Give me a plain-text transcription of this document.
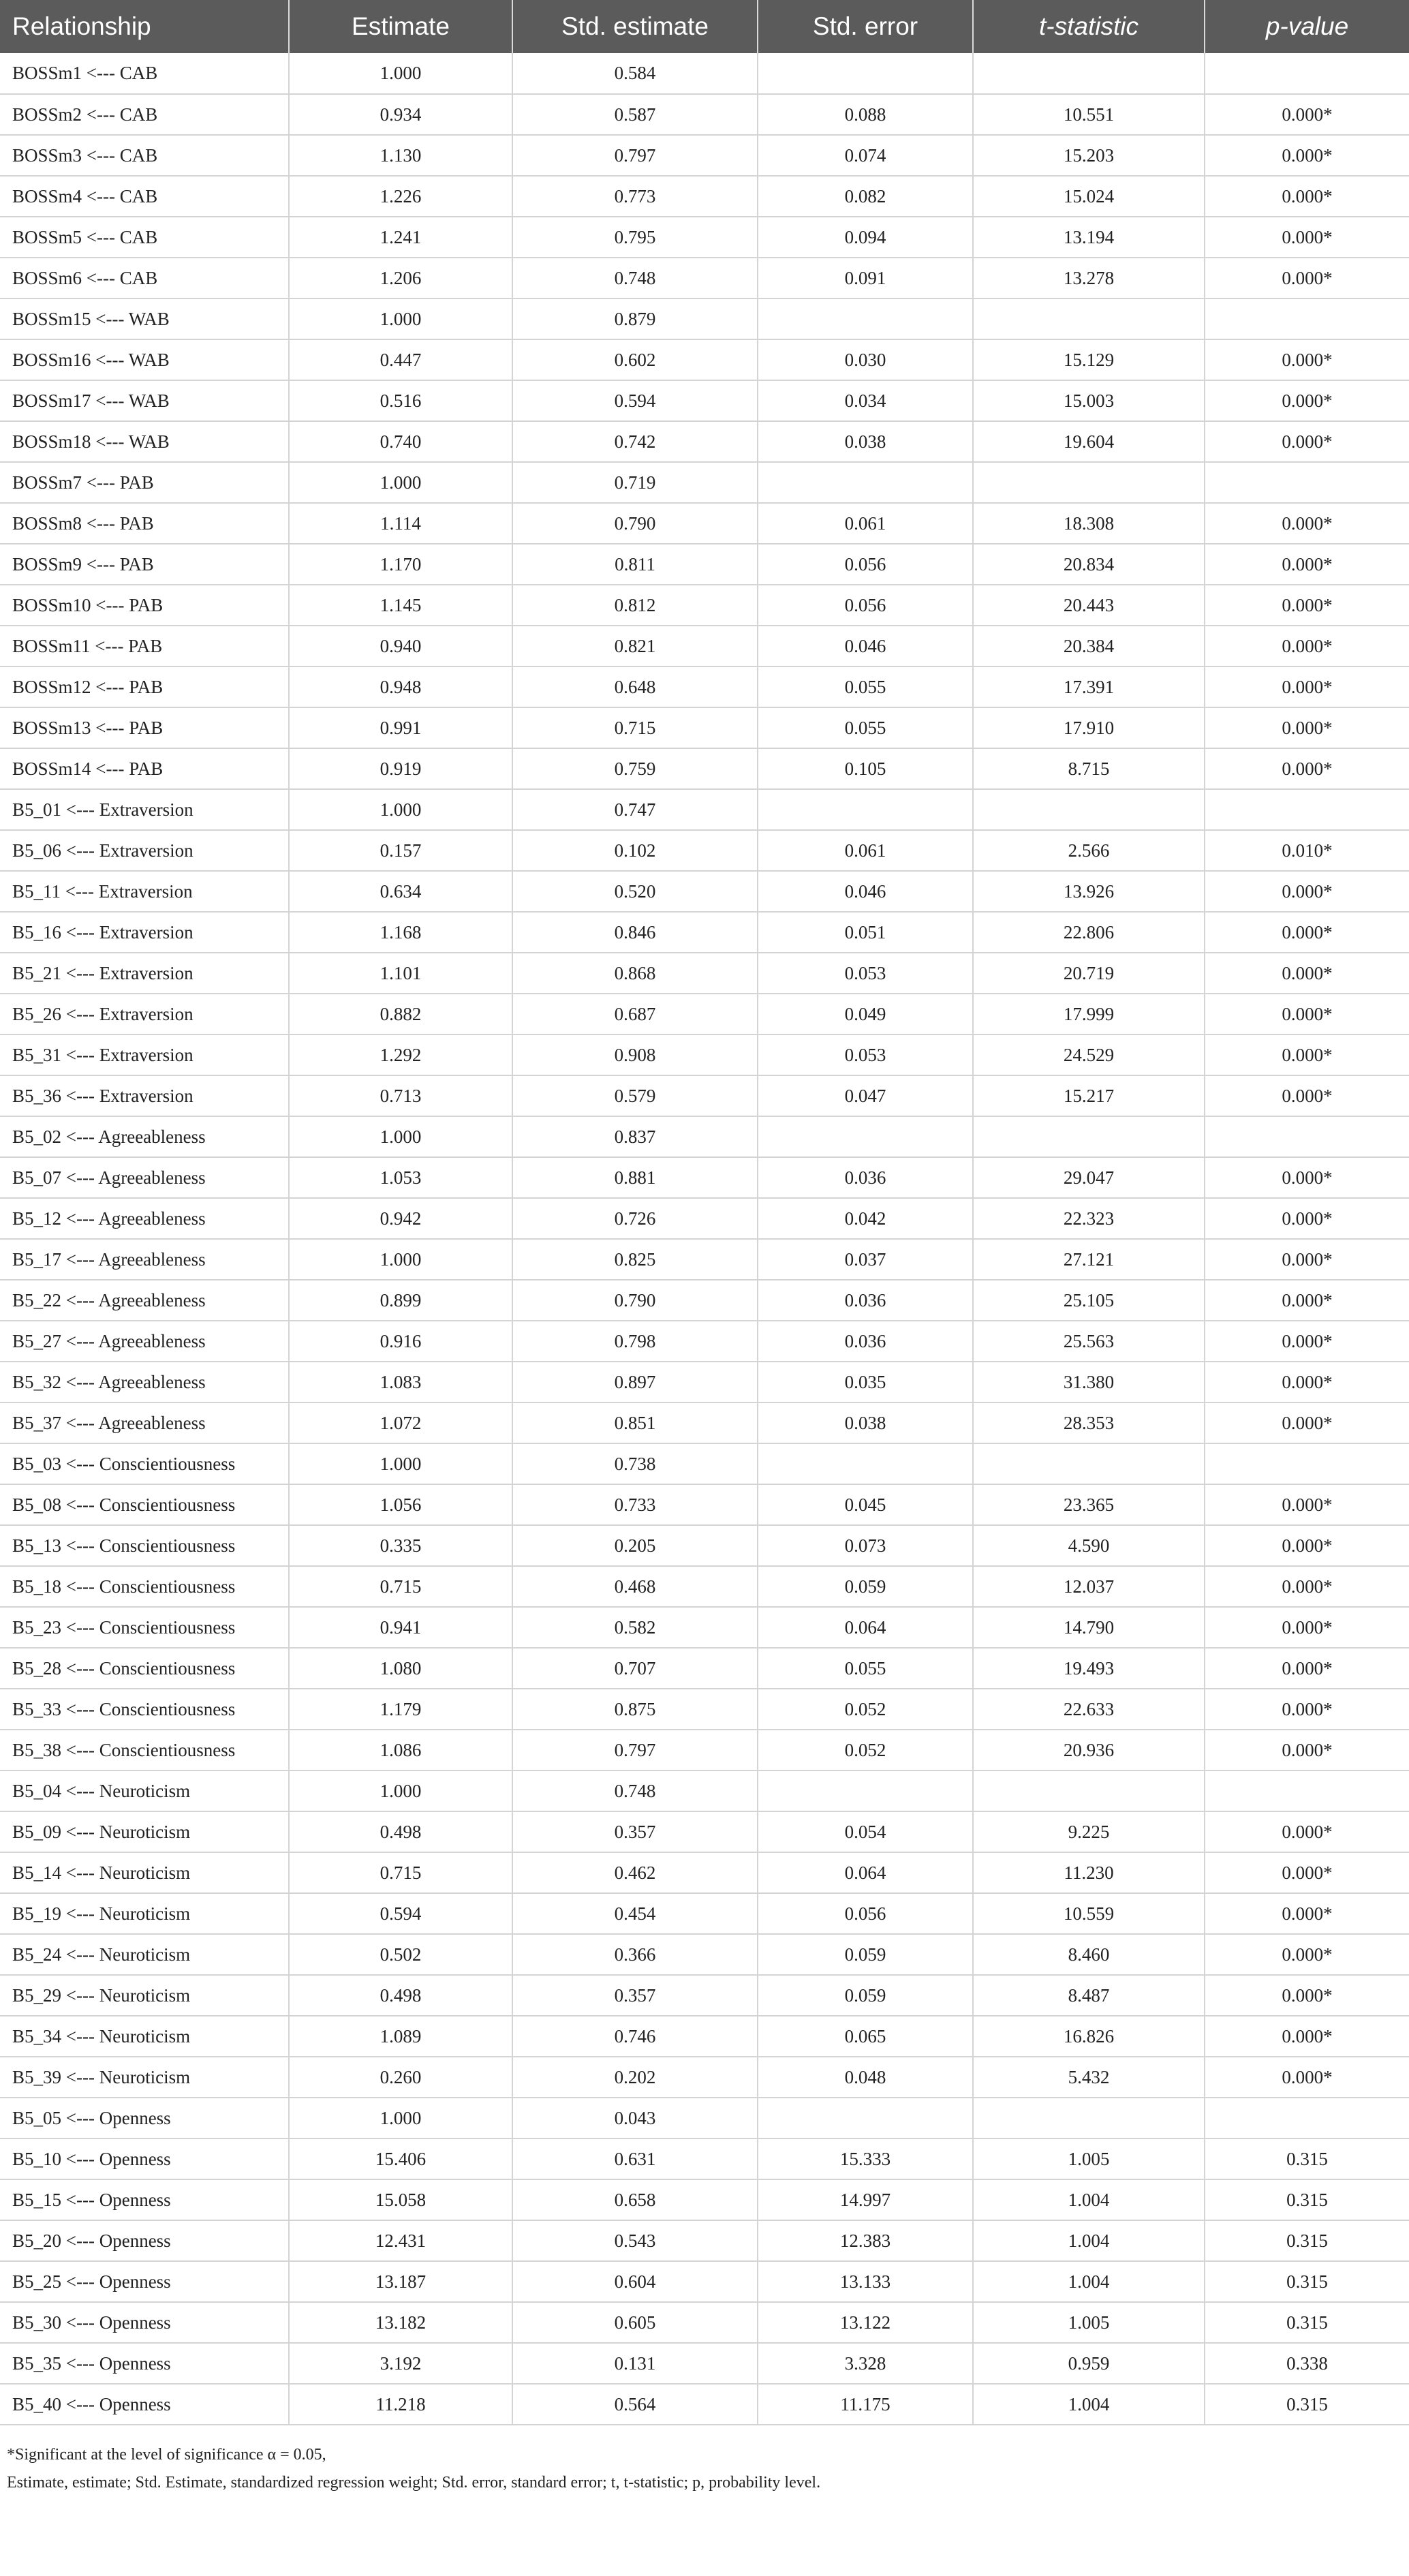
Relationship	Estimate	Std. estimate	Std. error	t-statistic	p-value
BOSSm1 <--- CAB	1.000	0.584			
BOSSm2 <--- CAB	0.934	0.587	0.088	10.551	0.000*
BOSSm3 <--- CAB	1.130	0.797	0.074	15.203	0.000*
BOSSm4 <--- CAB	1.226	0.773	0.082	15.024	0.000*
BOSSm5 <--- CAB	1.241	0.795	0.094	13.194	0.000*
BOSSm6 <--- CAB	1.206	0.748	0.091	13.278	0.000*
BOSSm15 <--- WAB	1.000	0.879			
BOSSm16 <--- WAB	0.447	0.602	0.030	15.129	0.000*
BOSSm17 <--- WAB	0.516	0.594	0.034	15.003	0.000*
BOSSm18 <--- WAB	0.740	0.742	0.038	19.604	0.000*
BOSSm7 <--- PAB	1.000	0.719			
BOSSm8 <--- PAB	1.114	0.790	0.061	18.308	0.000*
BOSSm9 <--- PAB	1.170	0.811	0.056	20.834	0.000*
BOSSm10 <--- PAB	1.145	0.812	0.056	20.443	0.000*
BOSSm11 <--- PAB	0.940	0.821	0.046	20.384	0.000*
BOSSm12 <--- PAB	0.948	0.648	0.055	17.391	0.000*
BOSSm13 <--- PAB	0.991	0.715	0.055	17.910	0.000*
BOSSm14 <--- PAB	0.919	0.759	0.105	8.715	0.000*
B5_01 <--- Extraversion	1.000	0.747			
B5_06 <--- Extraversion	0.157	0.102	0.061	2.566	0.010*
B5_11 <--- Extraversion	0.634	0.520	0.046	13.926	0.000*
B5_16 <--- Extraversion	1.168	0.846	0.051	22.806	0.000*
B5_21 <--- Extraversion	1.101	0.868	0.053	20.719	0.000*
B5_26 <--- Extraversion	0.882	0.687	0.049	17.999	0.000*
B5_31 <--- Extraversion	1.292	0.908	0.053	24.529	0.000*
B5_36 <--- Extraversion	0.713	0.579	0.047	15.217	0.000*
B5_02 <--- Agreeableness	1.000	0.837			
B5_07 <--- Agreeableness	1.053	0.881	0.036	29.047	0.000*
B5_12 <--- Agreeableness	0.942	0.726	0.042	22.323	0.000*
B5_17 <--- Agreeableness	1.000	0.825	0.037	27.121	0.000*
B5_22 <--- Agreeableness	0.899	0.790	0.036	25.105	0.000*
B5_27 <--- Agreeableness	0.916	0.798	0.036	25.563	0.000*
B5_32 <--- Agreeableness	1.083	0.897	0.035	31.380	0.000*
B5_37 <--- Agreeableness	1.072	0.851	0.038	28.353	0.000*
B5_03 <--- Conscientiousness	1.000	0.738			
B5_08 <--- Conscientiousness	1.056	0.733	0.045	23.365	0.000*
B5_13 <--- Conscientiousness	0.335	0.205	0.073	4.590	0.000*
B5_18 <--- Conscientiousness	0.715	0.468	0.059	12.037	0.000*
B5_23 <--- Conscientiousness	0.941	0.582	0.064	14.790	0.000*
B5_28 <--- Conscientiousness	1.080	0.707	0.055	19.493	0.000*
B5_33 <--- Conscientiousness	1.179	0.875	0.052	22.633	0.000*
B5_38 <--- Conscientiousness	1.086	0.797	0.052	20.936	0.000*
B5_04 <--- Neuroticism	1.000	0.748			
B5_09 <--- Neuroticism	0.498	0.357	0.054	9.225	0.000*
B5_14 <--- Neuroticism	0.715	0.462	0.064	11.230	0.000*
B5_19 <--- Neuroticism	0.594	0.454	0.056	10.559	0.000*
B5_24 <--- Neuroticism	0.502	0.366	0.059	8.460	0.000*
B5_29 <--- Neuroticism	0.498	0.357	0.059	8.487	0.000*
B5_34 <--- Neuroticism	1.089	0.746	0.065	16.826	0.000*
B5_39 <--- Neuroticism	0.260	0.202	0.048	5.432	0.000*
B5_05 <--- Openness	1.000	0.043			
B5_10 <--- Openness	15.406	0.631	15.333	1.005	0.315
B5_15 <--- Openness	15.058	0.658	14.997	1.004	0.315
B5_20 <--- Openness	12.431	0.543	12.383	1.004	0.315
B5_25 <--- Openness	13.187	0.604	13.133	1.004	0.315
B5_30 <--- Openness	13.182	0.605	13.122	1.005	0.315
B5_35 <--- Openness	3.192	0.131	3.328	0.959	0.338
B5_40 <--- Openness	11.218	0.564	11.175	1.004	0.315
*Significant at the level of significance α = 0.05,
Estimate, estimate; Std. Estimate, standardized regression weight; Std. error, standard error; t, t-statistic; p, probability level.
